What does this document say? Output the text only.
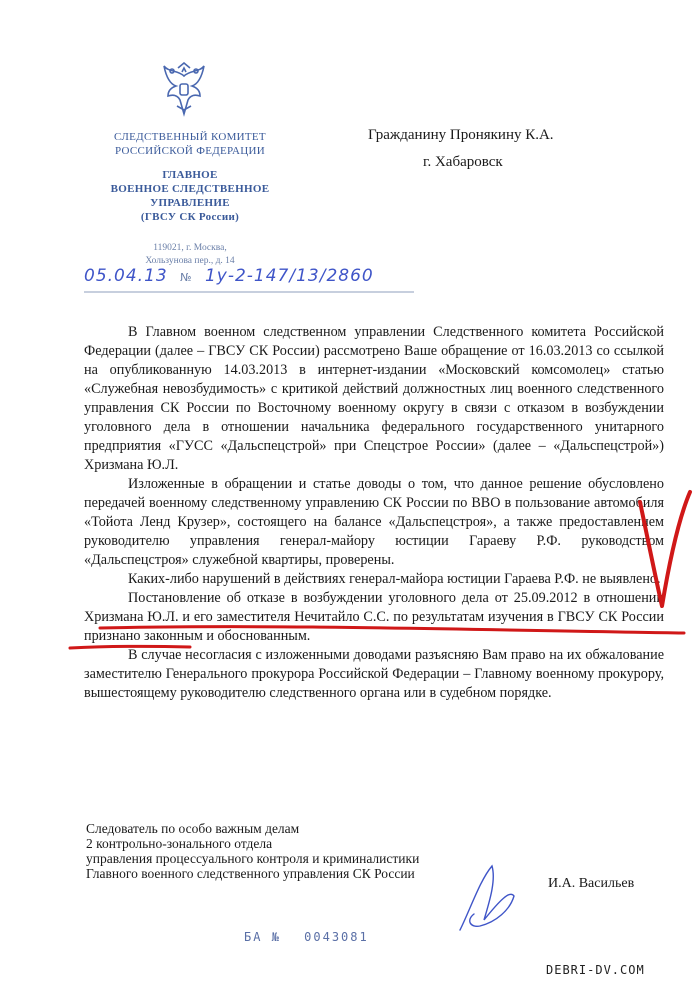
СЛЕДСТВЕННЫЙ КОМИТЕТ
РОССИЙСКОЙ ФЕДЕРАЦИИ
ГЛАВНОЕ
ВОЕННОЕ СЛЕДСТВЕННОЕ
УПРАВЛЕНИЕ
(ГВСУ СК России)
119021, г. Москва,
Хользунова пер., д. 14
Гражданину Пронякину К.А.
г. Хабаровск
05.04.13 № 1у-2-147/13/2860

В Главном военном следственном управлении Следственного комитета Российской Федерации (далее – ГВСУ СК России) рассмотрено Ваше обращение от 16.03.2013 со ссылкой на опубликованную 14.03.2013 в интернет-издании «Московский комсомолец» статью «Служебная невозбудимость» с критикой действий должностных лиц военного следственного управления СК России по Восточному военному округу в связи с отказом в возбуждении уголовного дела в отношении начальника федерального государственного унитарного предприятия «ГУСС «Дальспецстрой» при Спецстрое России» (далее – «Дальспецстрой») Хризмана Ю.Л.

Изложенные в обращении и статье доводы о том, что данное решение обусловлено передачей военному следственному управлению СК России по ВВО в пользование автомобиля «Тойота Ленд Крузер», состоящего на балансе «Дальспецстроя», а также предоставлением руководителю управления генерал-майору юстиции Гараеву Р.Ф. руководством «Дальспецстроя» служебной квартиры, проверены.

Каких-либо нарушений в действиях генерал-майора юстиции Гараева Р.Ф. не выявлено.

Постановление об отказе в возбуждении уголовного дела от 25.09.2012 в отношении Хризмана Ю.Л. и его заместителя Нечитайло С.С. по результатам изучения в ГВСУ СК России признано законным и обоснованным.

В случае несогласия с изложенными доводами разъясняю Вам право на их обжалование заместителю Генерального прокурора Российской Федерации – Главному военному прокурору, вышестоящему руководителю следственного органа или в судебном порядке.

Следователь по особо важным делам
2 контрольно-зонального отдела
управления процессуального контроля и криминалистики
Главного военного следственного управления СК России
И.А. Васильев
БА № 0043081
DEBRI-DV.COM
